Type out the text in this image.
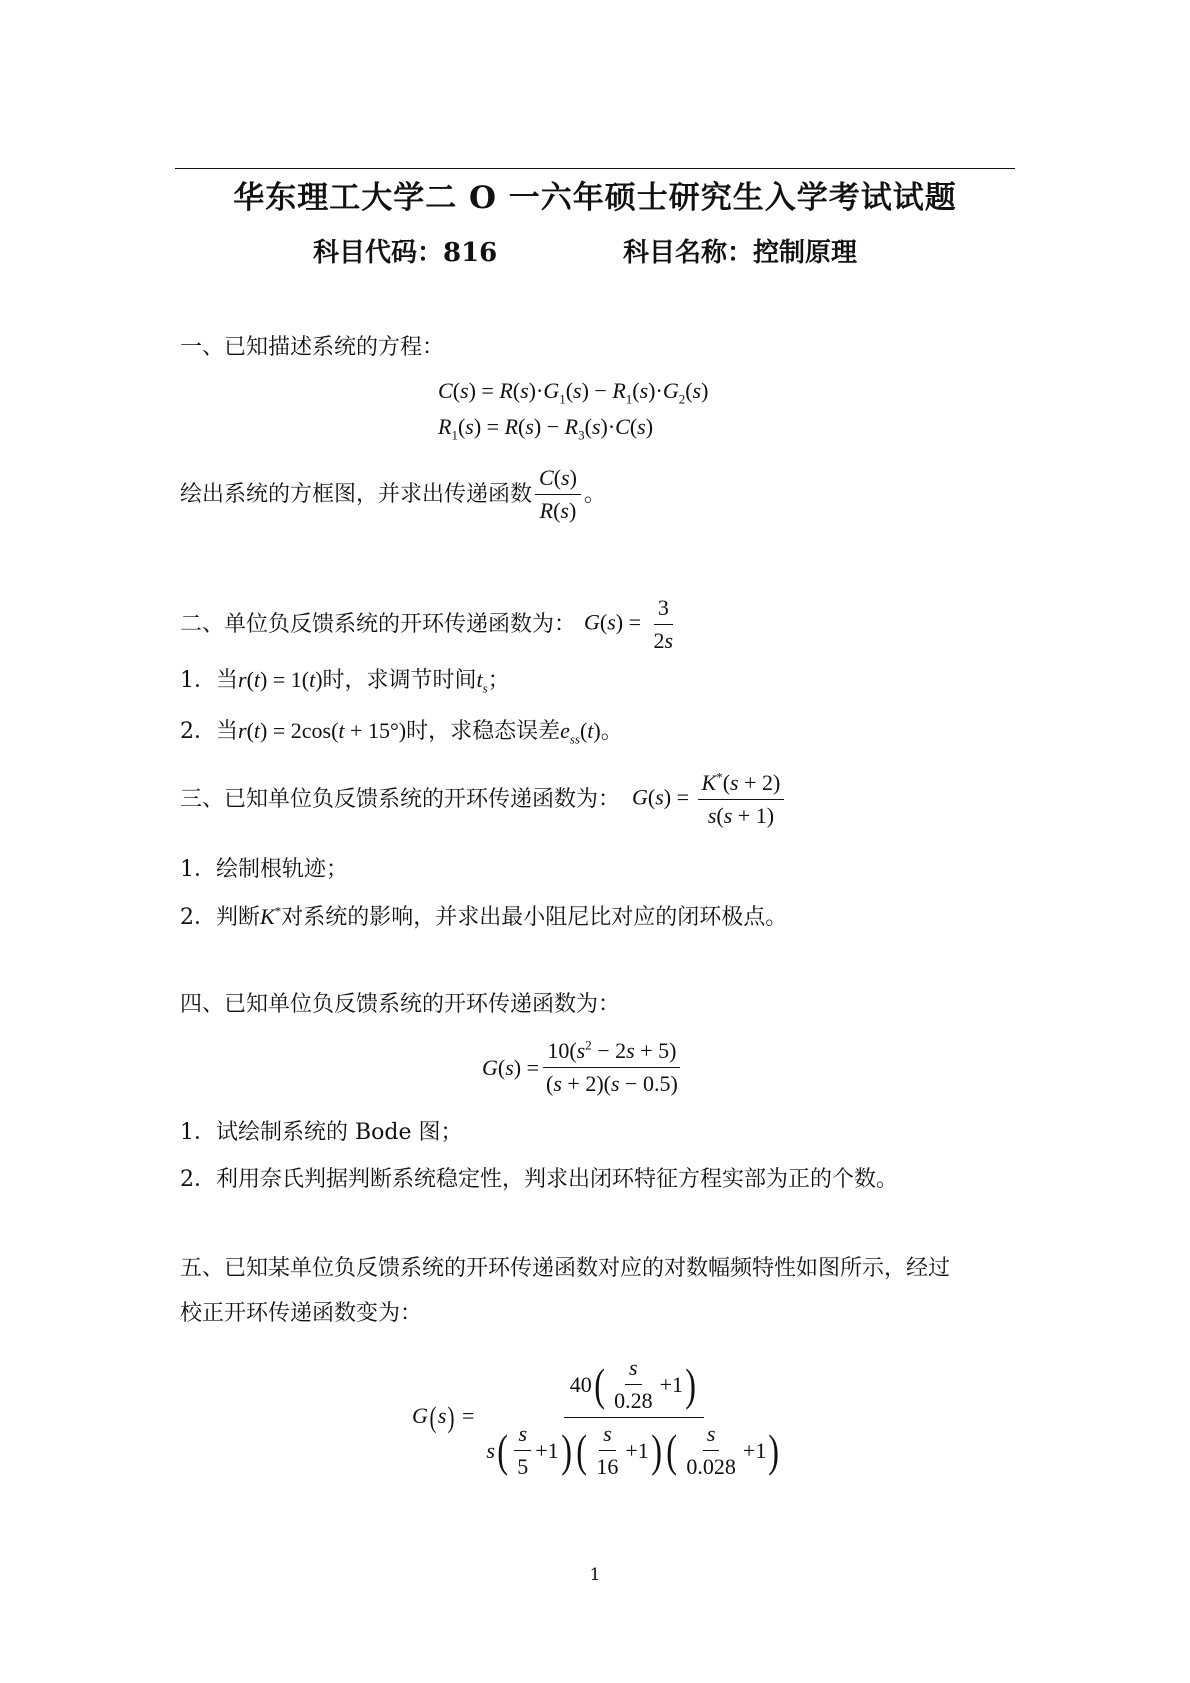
华东理工大学二 O 一六年硕士研究生入学考试试题
科目代码：816	科目名称：控制原理
一、已知描述系统的方程：
$C(s) = R(s)\cdot G_1(s) - R_1(s)\cdot G_2(s)$
$R_1(s) = R(s) - R_3(s)\cdot C(s)$
绘出系统的方框图，并求出传递函数 $\frac{C(s)}{R(s)}$ 。
二、单位负反馈系统的开环传递函数为： $G(s) = \frac{3}{2s}$
1．当r(t) = 1(t)时，求调节时间$t_s$；
2．当r(t) = 2cos(t + 15°)时，求稳态误差$e_{ss}(t)$。
三、已知单位负反馈系统的开环传递函数为： $G(s) = \frac{K^*(s + 2)}{s(s + 1)}$
1．绘制根轨迹；
2．判断K*对系统的影响，并求出最小阻尼比对应的闭环极点。
四、已知单位负反馈系统的开环传递函数为：
G ( s ) = $\frac{10(s^2 - 2s + 5)}{(s + 2)(s - 0.5)}$
1．试绘制系统的 Bode 图；
2．利用奈氏判据判断系统稳定性，判求出闭环特征方程实部为正的个数。
五、已知某单位负反馈系统的开环传递函数对应的对数幅频特性如图所示，经过
校正开环传递函数变为：
$G(s) = \frac{40 ( \frac{s}{0.28} +1 )}{s ( \frac{s}{5} +1 ) ( \frac{s}{16} +1 ) ( \frac{s}{0.028} +1 )}$
1
